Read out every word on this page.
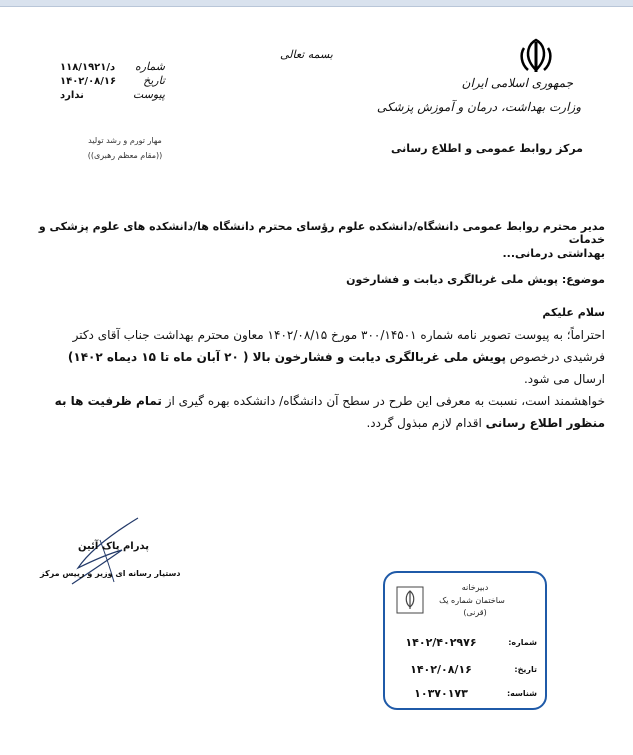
بسمه تعالی
جمهوری اسلامی ایران
وزارت بهداشت، درمان و آموزش پزشکی
مرکز روابط عمومی و اطلاع رسانی
شماره
د/۱۱۸/۱۹۲۱
تاریخ
۱۴۰۲/۰۸/۱۶
پیوست
ندارد
مهار تورم و رشد تولید
((مقام معظم رهبری))
مدیر محترم روابط عمومی دانشگاه/دانشکده علوم رؤسای محترم دانشگاه ها/دانشکده های علوم پزشکی و خدمات
بهداشتی درمانی...
موضوع: پویش ملی غربالگری دیابت و فشارخون
سلام علیکم
احتراماً؛ به پیوست تصویر نامه شماره ۳۰۰/۱۴۵۰۱ مورخ ۱۴۰۲/۰۸/۱۵ معاون محترم بهداشت جناب آقای دکتر فرشیدی درخصوص پویش ملی غربالگری دیابت و فشارخون بالا ( ۲۰ آبان ماه تا ۱۵ دیماه ۱۴۰۲) ارسال می شود.
خواهشمند است، نسبت به معرفی این طرح در سطح آن دانشگاه/ دانشکده بهره گیری از تمام ظرفیت ها به منظور اطلاع رسانی اقدام لازم مبذول گردد.
پدرام پاک آئین
دستیار رسانه ای وزیر و رییس مرکز
دبیرخانه
ساختمان شماره یک
(قرنی)
شماره:
۱۴۰۲/۴۰۲۹۷۶
تاریخ:
۱۴۰۲/۰۸/۱۶
شناسه:
۱۰۳۷۰۱۷۳
